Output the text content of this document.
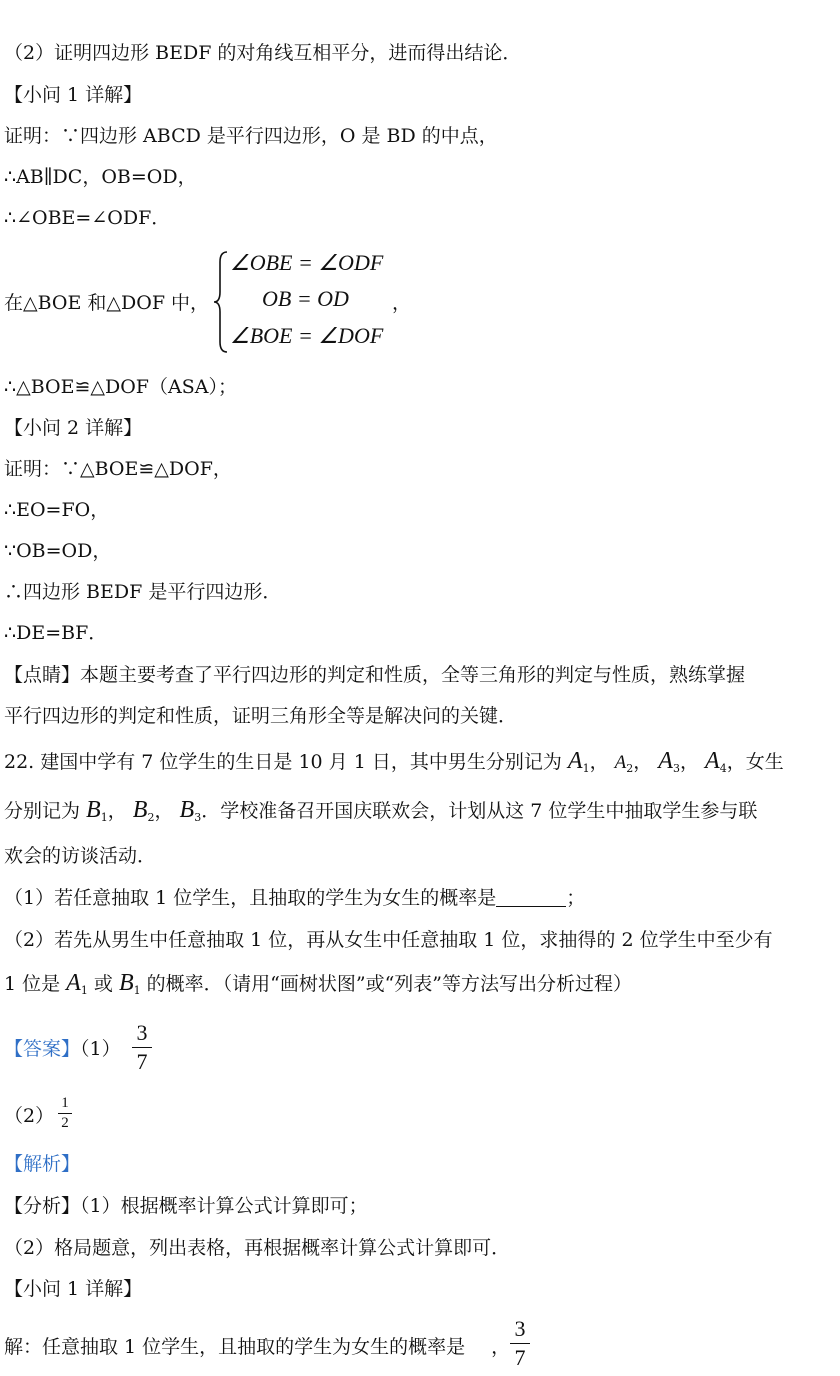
（2）证明四边形 BEDF 的对角线互相平分，进而得出结论．
【小问 1 详解】
证明：∵四边形 ABCD 是平行四边形，O 是 BD 的中点，
∴AB∥DC，OB=OD，
∴∠OBE=∠ODF．
在△BOE 和△DOF 中，
∠OBE = ∠ODF
OB = OD
∠BOE = ∠DOF
，
∴△BOE≌△DOF（ASA）；
【小问 2 详解】
证明：∵△BOE≌△DOF，
∴EO=FO，
∵OB=OD，
∴四边形 BEDF 是平行四边形．
∴DE=BF．
【点睛】本题主要考查了平行四边形的判定和性质，全等三角形的判定与性质，熟练掌握
平行四边形的判定和性质，证明三角形全等是解决问的关键．
22. 建国中学有 7 位学生的生日是 10 月 1 日，其中男生分别记为 $A_1$， $A_2$， $A_3$， $A_4$，女生
分别记为 $B_1$， $B_2$， $B_3$．学校准备召开国庆联欢会，计划从这 7 位学生中抽取学生参与联
欢会的访谈活动．
（1）若任意抽取 1 位学生，且抽取的学生为女生的概率是	；
（2）若先从男生中任意抽取 1 位，再从女生中任意抽取 1 位，求抽得的 2 位学生中至少有
1 位是 $A_1$ 或 $B_1$ 的概率．（请用“画树状图”或“列表”等方法写出分析过程）
【答案】（1）
3
7
（2）
1
2
【解析】
【分析】（1）根据概率计算公式计算即可；
（2）格局题意，列出表格，再根据概率计算公式计算即可．
【小问 1 详解】
解：任意抽取 1 位学生，且抽取的学生为女生的概率是 ，
3
7
